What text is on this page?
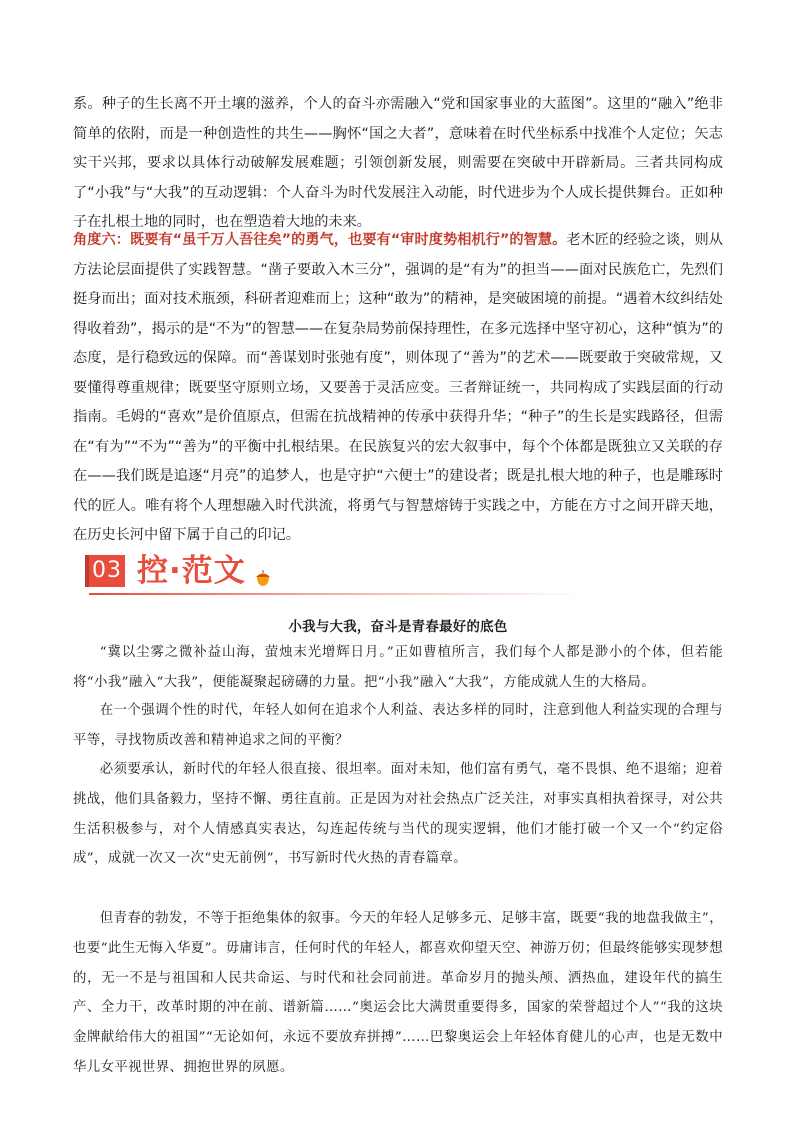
系。种子的生长离不开土壤的滋养，个人的奋斗亦需融入“党和国家事业的大蓝图”。这里的“融入”绝非简单的依附，而是一种创造性的共生——胸怀“国之大者”，意味着在时代坐标系中找准个人定位；矢志实干兴邦，要求以具体行动破解发展难题；引领创新发展，则需要在突破中开辟新局。三者共同构成了“小我”与“大我”的互动逻辑：个人奋斗为时代发展注入动能，时代进步为个人成长提供舞台。正如种子在扎根土地的同时，也在塑造着大地的未来。

角度六：既要有“虽千万人吾往矣”的勇气，也要有“审时度势相机行”的智慧。老木匠的经验之谈，则从方法论层面提供了实践智慧。“凿子要敢入木三分”，强调的是“有为”的担当——面对民族危亡，先烈们挺身而出；面对技术瓶颈，科研者迎难而上；这种“敢为”的精神，是突破困境的前提。“遇着木纹纠结处得收着劲”，揭示的是“不为”的智慧——在复杂局势前保持理性，在多元选择中坚守初心，这种“慎为”的态度，是行稳致远的保障。而“善谋划时张弛有度”，则体现了“善为”的艺术——既要敢于突破常规，又要懂得尊重规律；既要坚守原则立场，又要善于灵活应变。三者辩证统一，共同构成了实践层面的行动指南。毛姆的“喜欢”是价值原点，但需在抗战精神的传承中获得升华；“种子”的生长是实践路径，但需在“有为”“不为”“善为”的平衡中扎根结果。在民族复兴的宏大叙事中，每个个体都是既独立又关联的存在——我们既是追逐“月亮”的追梦人，也是守护“六便士”的建设者；既是扎根大地的种子，也是雕琢时代的匠人。唯有将个人理想融入时代洪流，将勇气与智慧熔铸于实践之中，方能在方寸之间开辟天地，在历史长河中留下属于自己的印记。

03 控·范文

小我与大我，奋斗是青春最好的底色

“冀以尘雾之微补益山海，萤烛末光增辉日月。”正如曹植所言，我们每个人都是渺小的个体，但若能将“小我”融入“大我”，便能凝聚起磅礴的力量。把“小我”融入“大我”，方能成就人生的大格局。

在一个强调个性的时代，年轻人如何在追求个人利益、表达多样的同时，注意到他人利益实现的合理与平等，寻找物质改善和精神追求之间的平衡？

必须要承认，新时代的年轻人很直接、很坦率。面对未知，他们富有勇气，毫不畏惧、绝不退缩；迎着挑战，他们具备毅力，坚持不懈、勇往直前。正是因为对社会热点广泛关注，对事实真相执着探寻，对公共生活积极参与，对个人情感真实表达，勾连起传统与当代的现实逻辑，他们才能打破一个又一个“约定俗成”，成就一次又一次“史无前例”，书写新时代火热的青春篇章。

但青春的勃发，不等于拒绝集体的叙事。今天的年轻人足够多元、足够丰富，既要“我的地盘我做主”，也要“此生无悔入华夏”。毋庸讳言，任何时代的年轻人，都喜欢仰望天空、神游万仞；但最终能够实现梦想的，无一不是与祖国和人民共命运、与时代和社会同前进。革命岁月的抛头颅、洒热血，建设年代的搞生产、全力干，改革时期的冲在前、谱新篇……“奥运会比大满贯重要得多，国家的荣誉超过个人”“我的这块金牌献给伟大的祖国”“无论如何，永远不要放弃拼搏”……巴黎奥运会上年轻体育健儿的心声，也是无数中华儿女平视世界、拥抱世界的夙愿。
